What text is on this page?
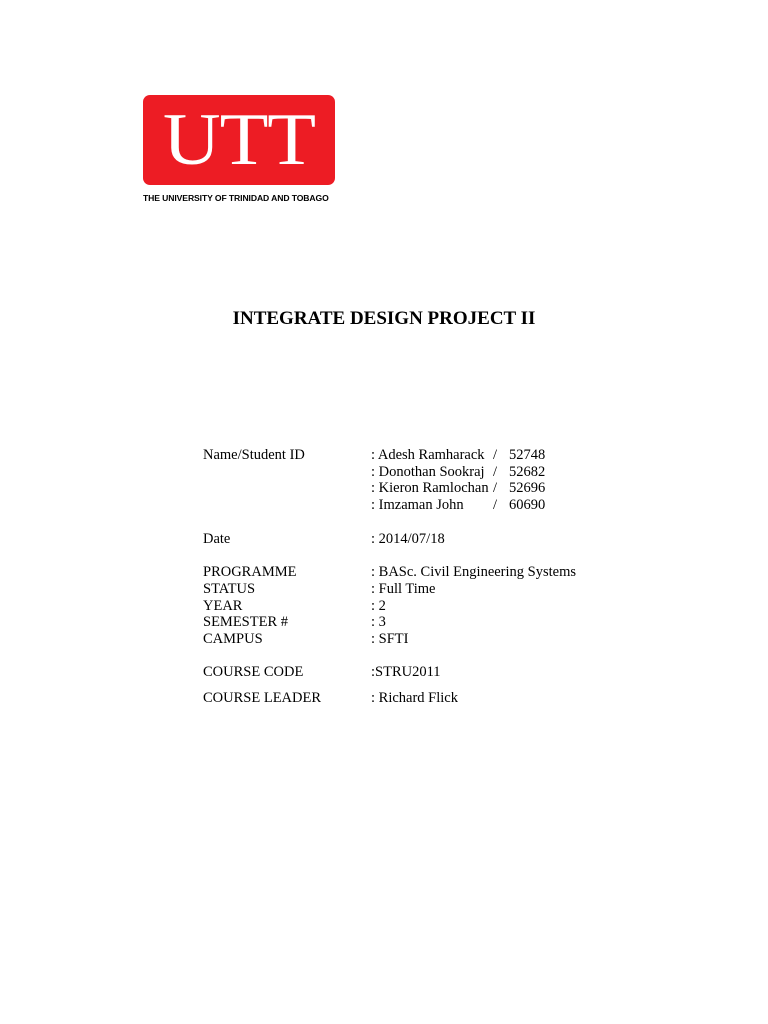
UTT
THE UNIVERSITY OF TRINIDAD AND TOBAGO
INTEGRATE DESIGN PROJECT II
Name/Student ID	: Adesh Ramharack / 52748
: Donothan Sookraj / 52682
: Kieron Ramlochan / 52696
: Imzaman John / 60690
Date	: 2014/07/18
PROGRAMME	: BASc. Civil Engineering Systems
STATUS	: Full Time
YEAR	: 2
SEMESTER #	: 3
CAMPUS	: SFTI
COURSE CODE	:STRU2011
COURSE LEADER	: Richard Flick
